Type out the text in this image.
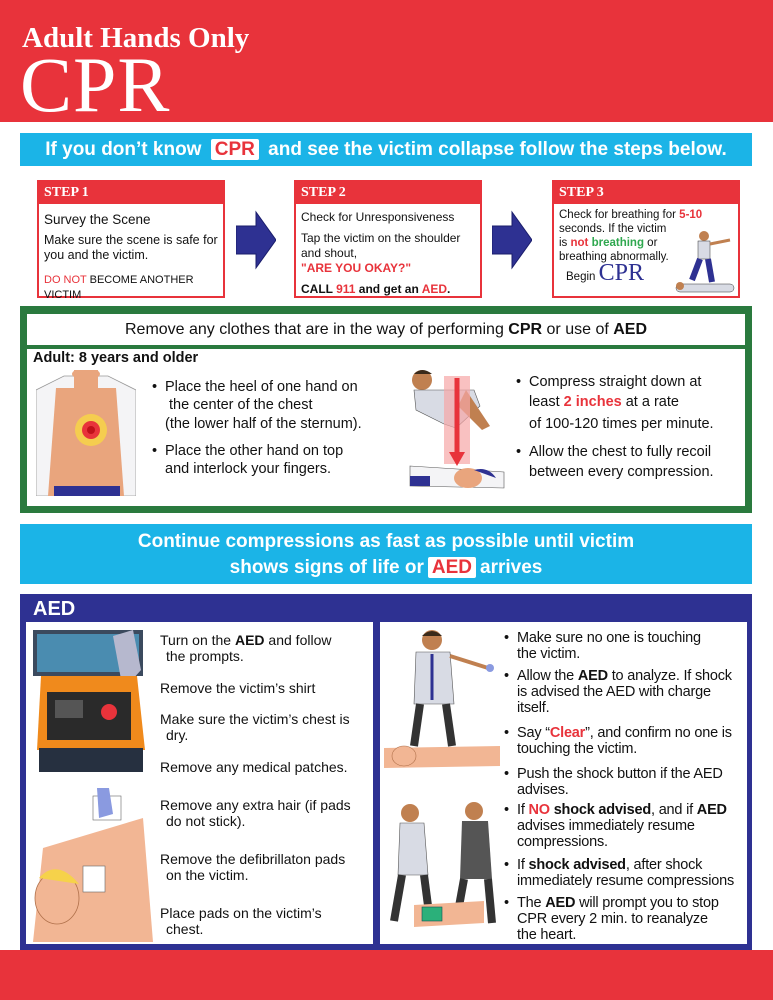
Adult Hands Only
CPR
If you don’t know CPR and see the victim collapse follow the steps below.
STEP 1
Survey the Scene
Make sure the scene is safe for you and the victim.
DO NOT BECOME ANOTHER VICTIM
STEP 2
Check for Unresponsiveness
Tap the victim on the shoulder and shout,
"ARE YOU OKAY?"
CALL 911 and get an AED.
STEP 3
Check for breathing for 5-10
seconds. If the victim
is not breathing or
breathing abnormally.
Begin CPR
Remove any clothes that are in the way of performing CPR or use of AED
Adult: 8 years and older
• Place the heel of one hand on
the center of the chest
(the lower half of the sternum).
• Place the other hand on top
and interlock your fingers.
• Compress straight down at
least 2 inches at a rate
of 100-120 times per minute.
• Allow the chest to fully recoil
between every compression.
Continue compressions as fast as possible until victim
shows signs of life or AED arrives
AED
Turn on the AED and follow
the prompts.
Remove the victim’s shirt
Make sure the victim’s chest is
dry.
Remove any medical patches.
Remove any extra hair (if pads
do not stick).
Remove the defibrillaton pads
on the victim.
Place pads on the victim’s
chest.
• Make sure no one is touching
the victim.
• Allow the AED to analyze. If shock
is advised the AED with charge
itself.
• Say “Clear”, and confirm no one is
touching the victim.
• Push the shock button if the AED
advises.
• If NO shock advised, and if AED
advises immediately resume
compressions.
• If shock advised, after shock
immediately resume compressions
• The AED will prompt you to stop
CPR every 2 min. to reanalyze
the heart.
